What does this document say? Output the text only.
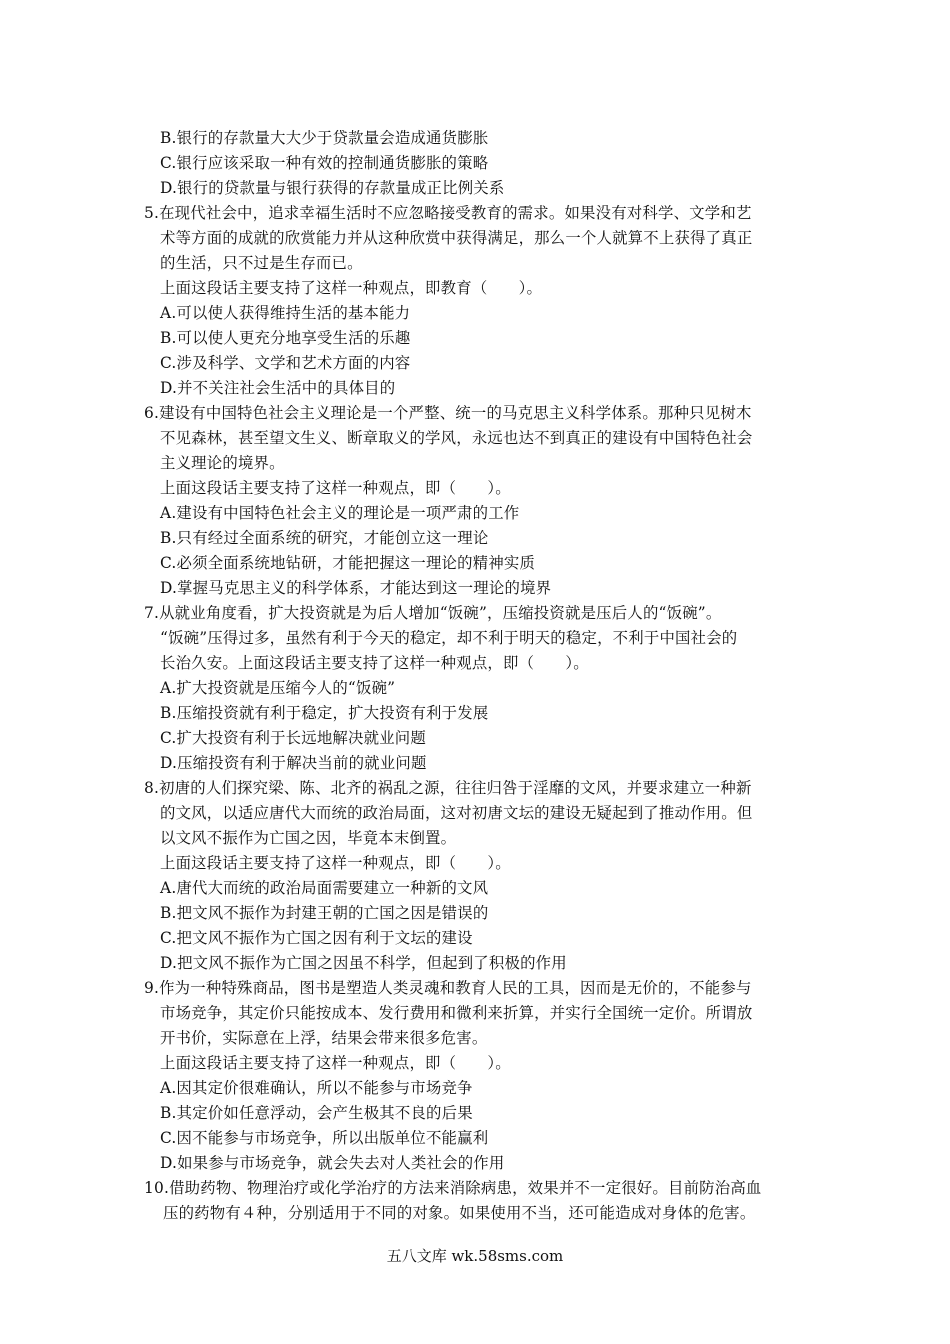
B.银行的存款量大大少于贷款量会造成通货膨胀
C.银行应该采取一种有效的控制通货膨胀的策略
D.银行的贷款量与银行获得的存款量成正比例关系
5.在现代社会中，追求幸福生活时不应忽略接受教育的需求。如果没有对科学、文学和艺
术等方面的成就的欣赏能力并从这种欣赏中获得满足，那么一个人就算不上获得了真正
的生活，只不过是生存而已。
上面这段话主要支持了这样一种观点，即教育（　　）。
A.可以使人获得维持生活的基本能力
B.可以使人更充分地享受生活的乐趣
C.涉及科学、文学和艺术方面的内容
D.并不关注社会生活中的具体目的
6.建设有中国特色社会主义理论是一个严整、统一的马克思主义科学体系。那种只见树木
不见森林，甚至望文生义、断章取义的学风，永远也达不到真正的建设有中国特色社会
主义理论的境界。
上面这段话主要支持了这样一种观点，即（　　）。
A.建设有中国特色社会主义的理论是一项严肃的工作
B.只有经过全面系统的研究，才能创立这一理论
C.必须全面系统地钻研，才能把握这一理论的精神实质
D.掌握马克思主义的科学体系，才能达到这一理论的境界
7.从就业角度看，扩大投资就是为后人增加“饭碗”，压缩投资就是压后人的“饭碗”。
“饭碗”压得过多，虽然有利于今天的稳定，却不利于明天的稳定，不利于中国社会的
长治久安。上面这段话主要支持了这样一种观点，即（　　）。
A.扩大投资就是压缩今人的“饭碗”
B.压缩投资就有利于稳定，扩大投资有利于发展
C.扩大投资有利于长远地解决就业问题
D.压缩投资有利于解决当前的就业问题
8.初唐的人们探究梁、陈、北齐的祸乱之源，往往归咎于淫靡的文风，并要求建立一种新
的文风，以适应唐代大而统的政治局面，这对初唐文坛的建设无疑起到了推动作用。但
以文风不振作为亡国之因，毕竟本末倒置。
上面这段话主要支持了这样一种观点，即（　　）。
A.唐代大而统的政治局面需要建立一种新的文风
B.把文风不振作为封建王朝的亡国之因是错误的
C.把文风不振作为亡国之因有利于文坛的建设
D.把文风不振作为亡国之因虽不科学，但起到了积极的作用
9.作为一种特殊商品，图书是塑造人类灵魂和教育人民的工具，因而是无价的，不能参与
市场竞争，其定价只能按成本、发行费用和微利来折算，并实行全国统一定价。所谓放
开书价，实际意在上浮，结果会带来很多危害。
上面这段话主要支持了这样一种观点，即（　　）。
A.因其定价很难确认，所以不能参与市场竞争
B.其定价如任意浮动，会产生极其不良的后果
C.因不能参与市场竞争，所以出版单位不能赢利
D.如果参与市场竞争，就会失去对人类社会的作用
10.借助药物、物理治疗或化学治疗的方法来消除病患，效果并不一定很好。目前防治高血
压的药物有４种，分别适用于不同的对象。如果使用不当，还可能造成对身体的危害。
五八文库 wk.58sms.com
